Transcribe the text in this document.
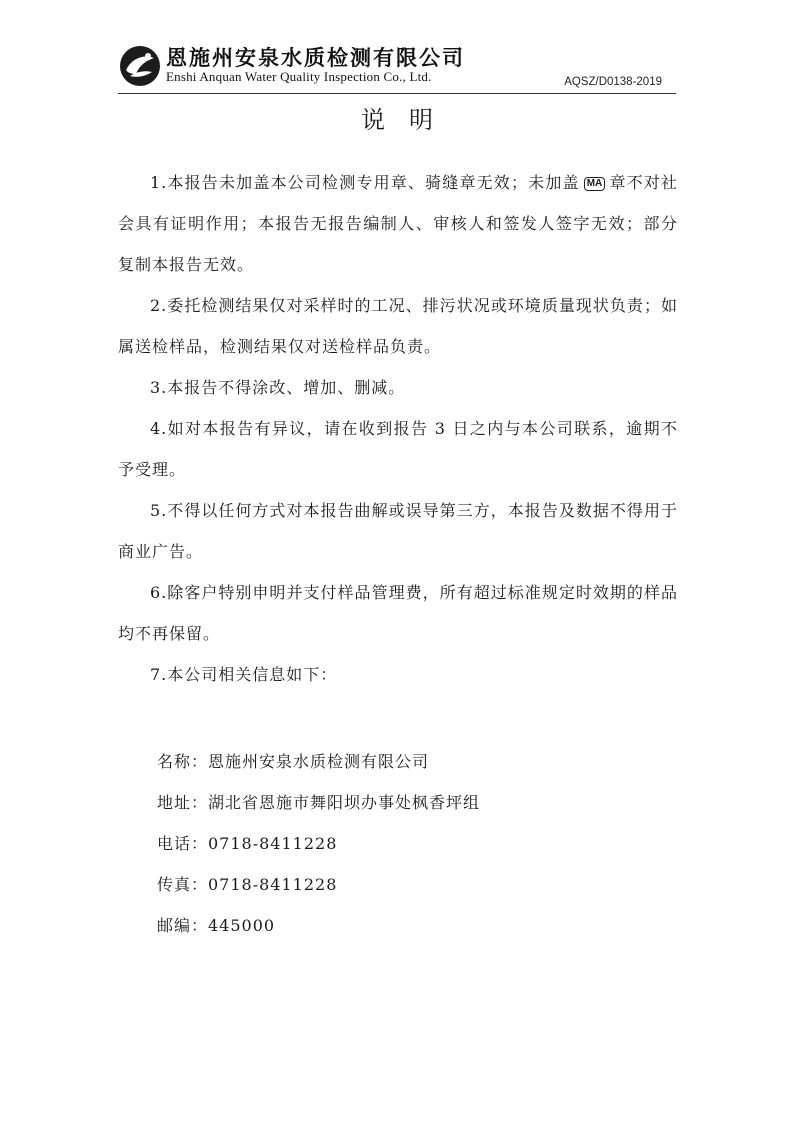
恩施州安泉水质检测有限公司
Enshi Anquan Water Quality Inspection Co., Ltd.	AQSZ/D0138-2019
说明

1.本报告未加盖本公司检测专用章、骑缝章无效；未加盖 MA 章不对社会具有证明作用；本报告无报告编制人、审核人和签发人签字无效；部分复制本报告无效。

2.委托检测结果仅对采样时的工况、排污状况或环境质量现状负责；如属送检样品，检测结果仅对送检样品负责。

3.本报告不得涂改、增加、删减。

4.如对本报告有异议，请在收到报告 3 日之内与本公司联系，逾期不予受理。

5.不得以任何方式对本报告曲解或误导第三方，本报告及数据不得用于商业广告。

6.除客户特别申明并支付样品管理费，所有超过标准规定时效期的样品均不再保留。

7.本公司相关信息如下：

名称：恩施州安泉水质检测有限公司

地址：湖北省恩施市舞阳坝办事处枫香坪组

电话：0718-8411228

传真：0718-8411228

邮编：445000
